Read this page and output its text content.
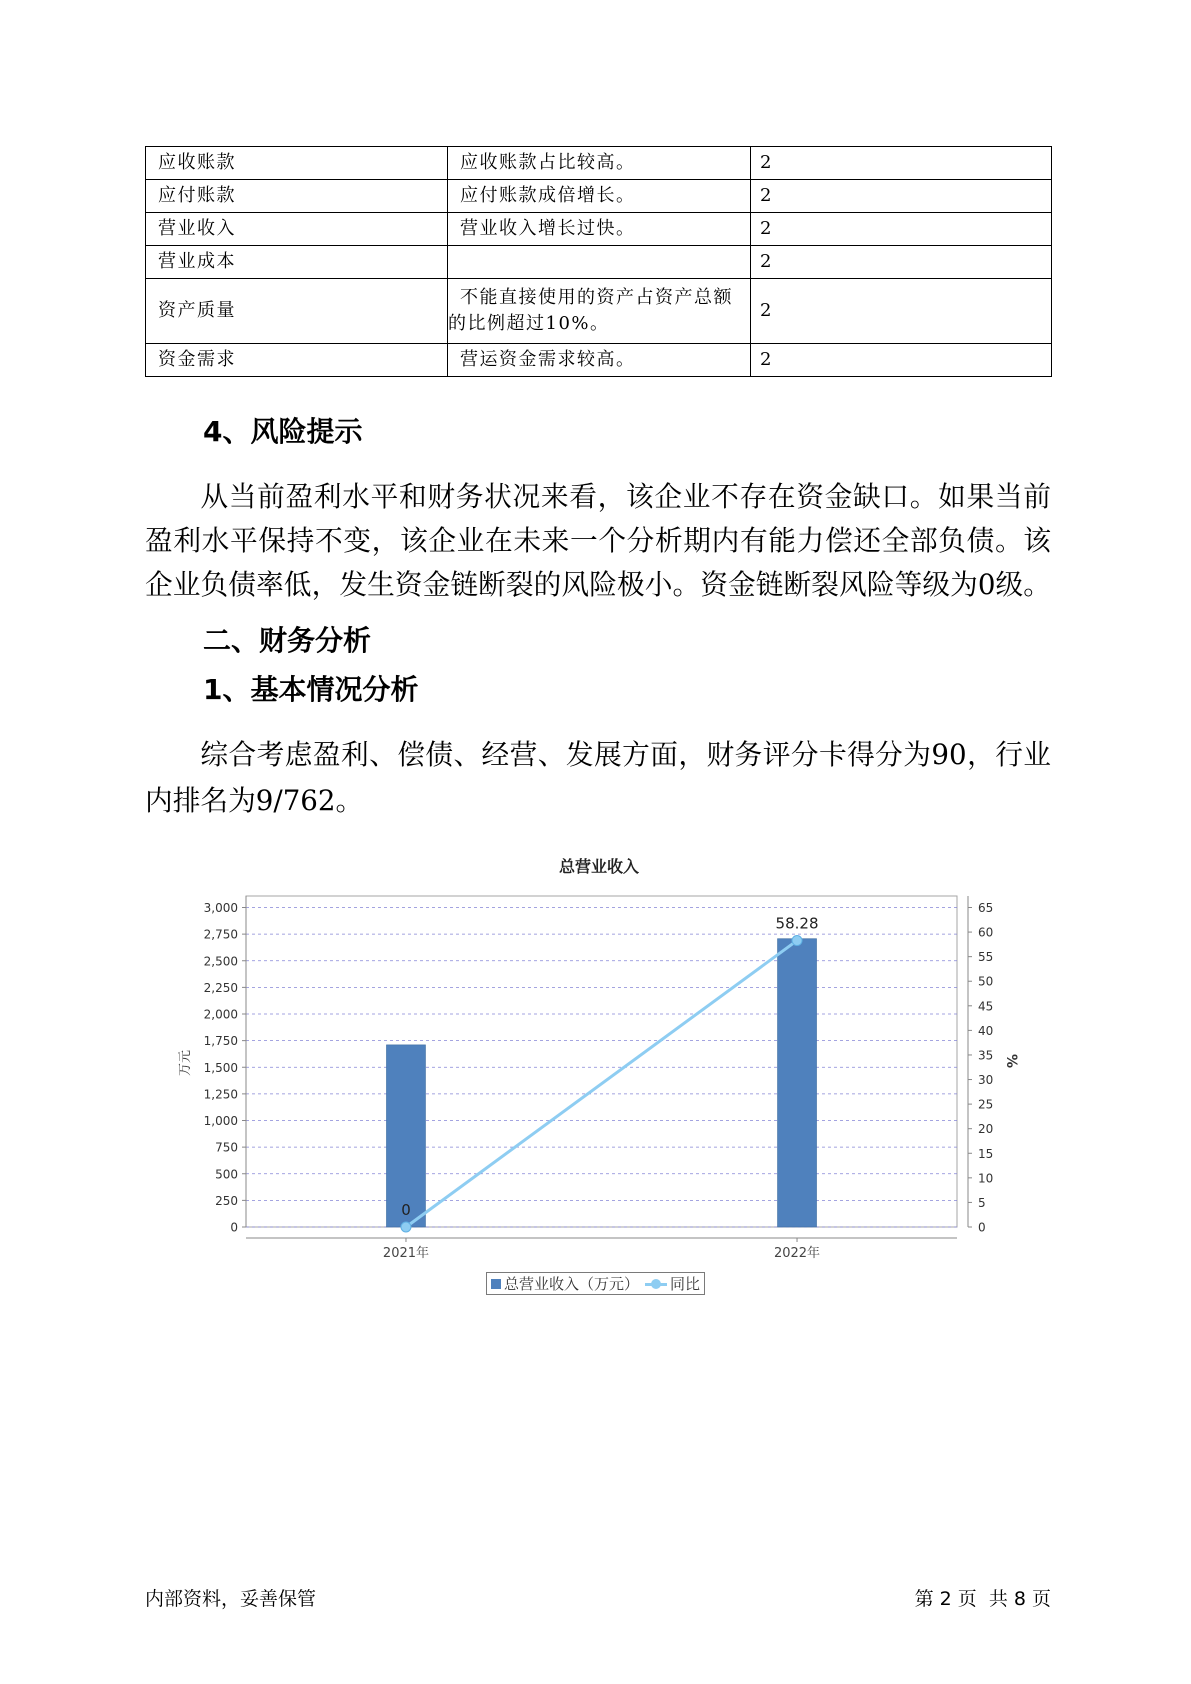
应收账款	应收账款占比较高。	2
应付账款	应付账款成倍增长。	2
营业收入	营业收入增长过快。	2
营业成本		2
资产质量	不能直接使用的资产占资产总额的比例超过10%。	2
资金需求	营运资金需求较高。	2
4、风险提示
从当前盈利水平和财务状况来看，该企业不存在资金缺口。如果当前
盈利水平保持不变，该企业在未来一个分析期内有能力偿还全部负债。该
企业负债率低，发生资金链断裂的风险极小。资金链断裂风险等级为0级。
二、财务分析
1、基本情况分析
综合考虑盈利、偿债、经营、发展方面，财务评分卡得分为90，行业
内排名为9/762。
总营业收入
0
250
500
750
1,000
1,250
1,500
1,750
2,000
2,250
2,500
2,750
3,000
0
5
10
15
20
25
30
35
40
45
50
55
60
65
2021年	2022年
0
58.28
万元	%
总营业收入（万元） 同比
内部资料，妥善保管	第 2 页  共 8 页
